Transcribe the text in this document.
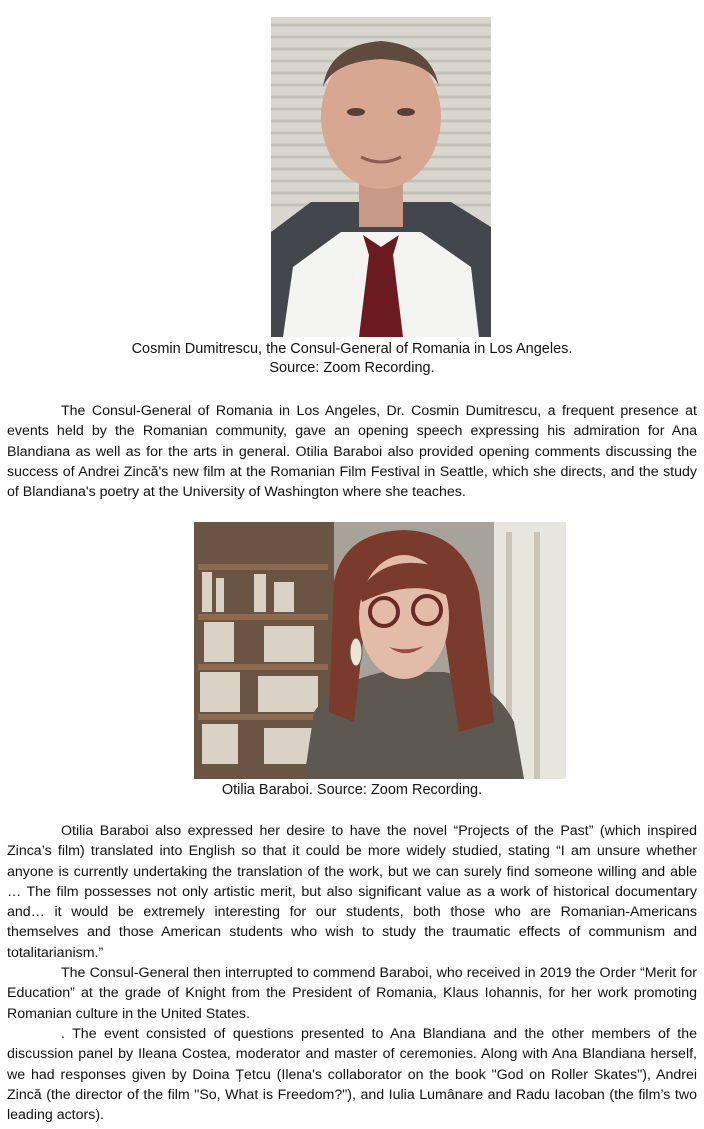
Cosmin Dumitrescu, the Consul-General of Romania in Los Angeles.
Source: Zoom Recording.

The Consul-General of Romania in Los Angeles, Dr. Cosmin Dumitrescu, a frequent presence at events held by the Romanian community, gave an opening speech expressing his admiration for Ana Blandiana as well as for the arts in general. Otilia Baraboi also provided opening comments discussing the success of Andrei Zincă's new film at the Romanian Film Festival in Seattle, which she directs, and the study of Blandiana's poetry at the University of Washington where she teaches.

Otilia Baraboi. Source: Zoom Recording.

Otilia Baraboi also expressed her desire to have the novel “Projects of the Past” (which inspired Zinca’s film) translated into English so that it could be more widely studied, stating “I am unsure whether anyone is currently undertaking the translation of the work, but we can surely find someone willing and able … The film possesses not only artistic merit, but also significant value as a work of historical documentary and… it would be extremely interesting for our students, both those who are Romanian-Americans themselves and those American students who wish to study the traumatic effects of communism and totalitarianism.”

The Consul-General then interrupted to commend Baraboi, who received in 2019 the Order “Merit for Education” at the grade of Knight from the President of Romania, Klaus Iohannis, for her work promoting Romanian culture in the United States.

. The event consisted of questions presented to Ana Blandiana and the other members of the discussion panel by Ileana Costea, moderator and master of ceremonies. Along with Ana Blandiana herself, we had responses given by Doina Țetcu (Ilena's collaborator on the book "God on Roller Skates"), Andrei Zincă (the director of the film "So, What is Freedom?"), and Iulia Lumânare and Radu Iacoban (the film’s two leading actors).
